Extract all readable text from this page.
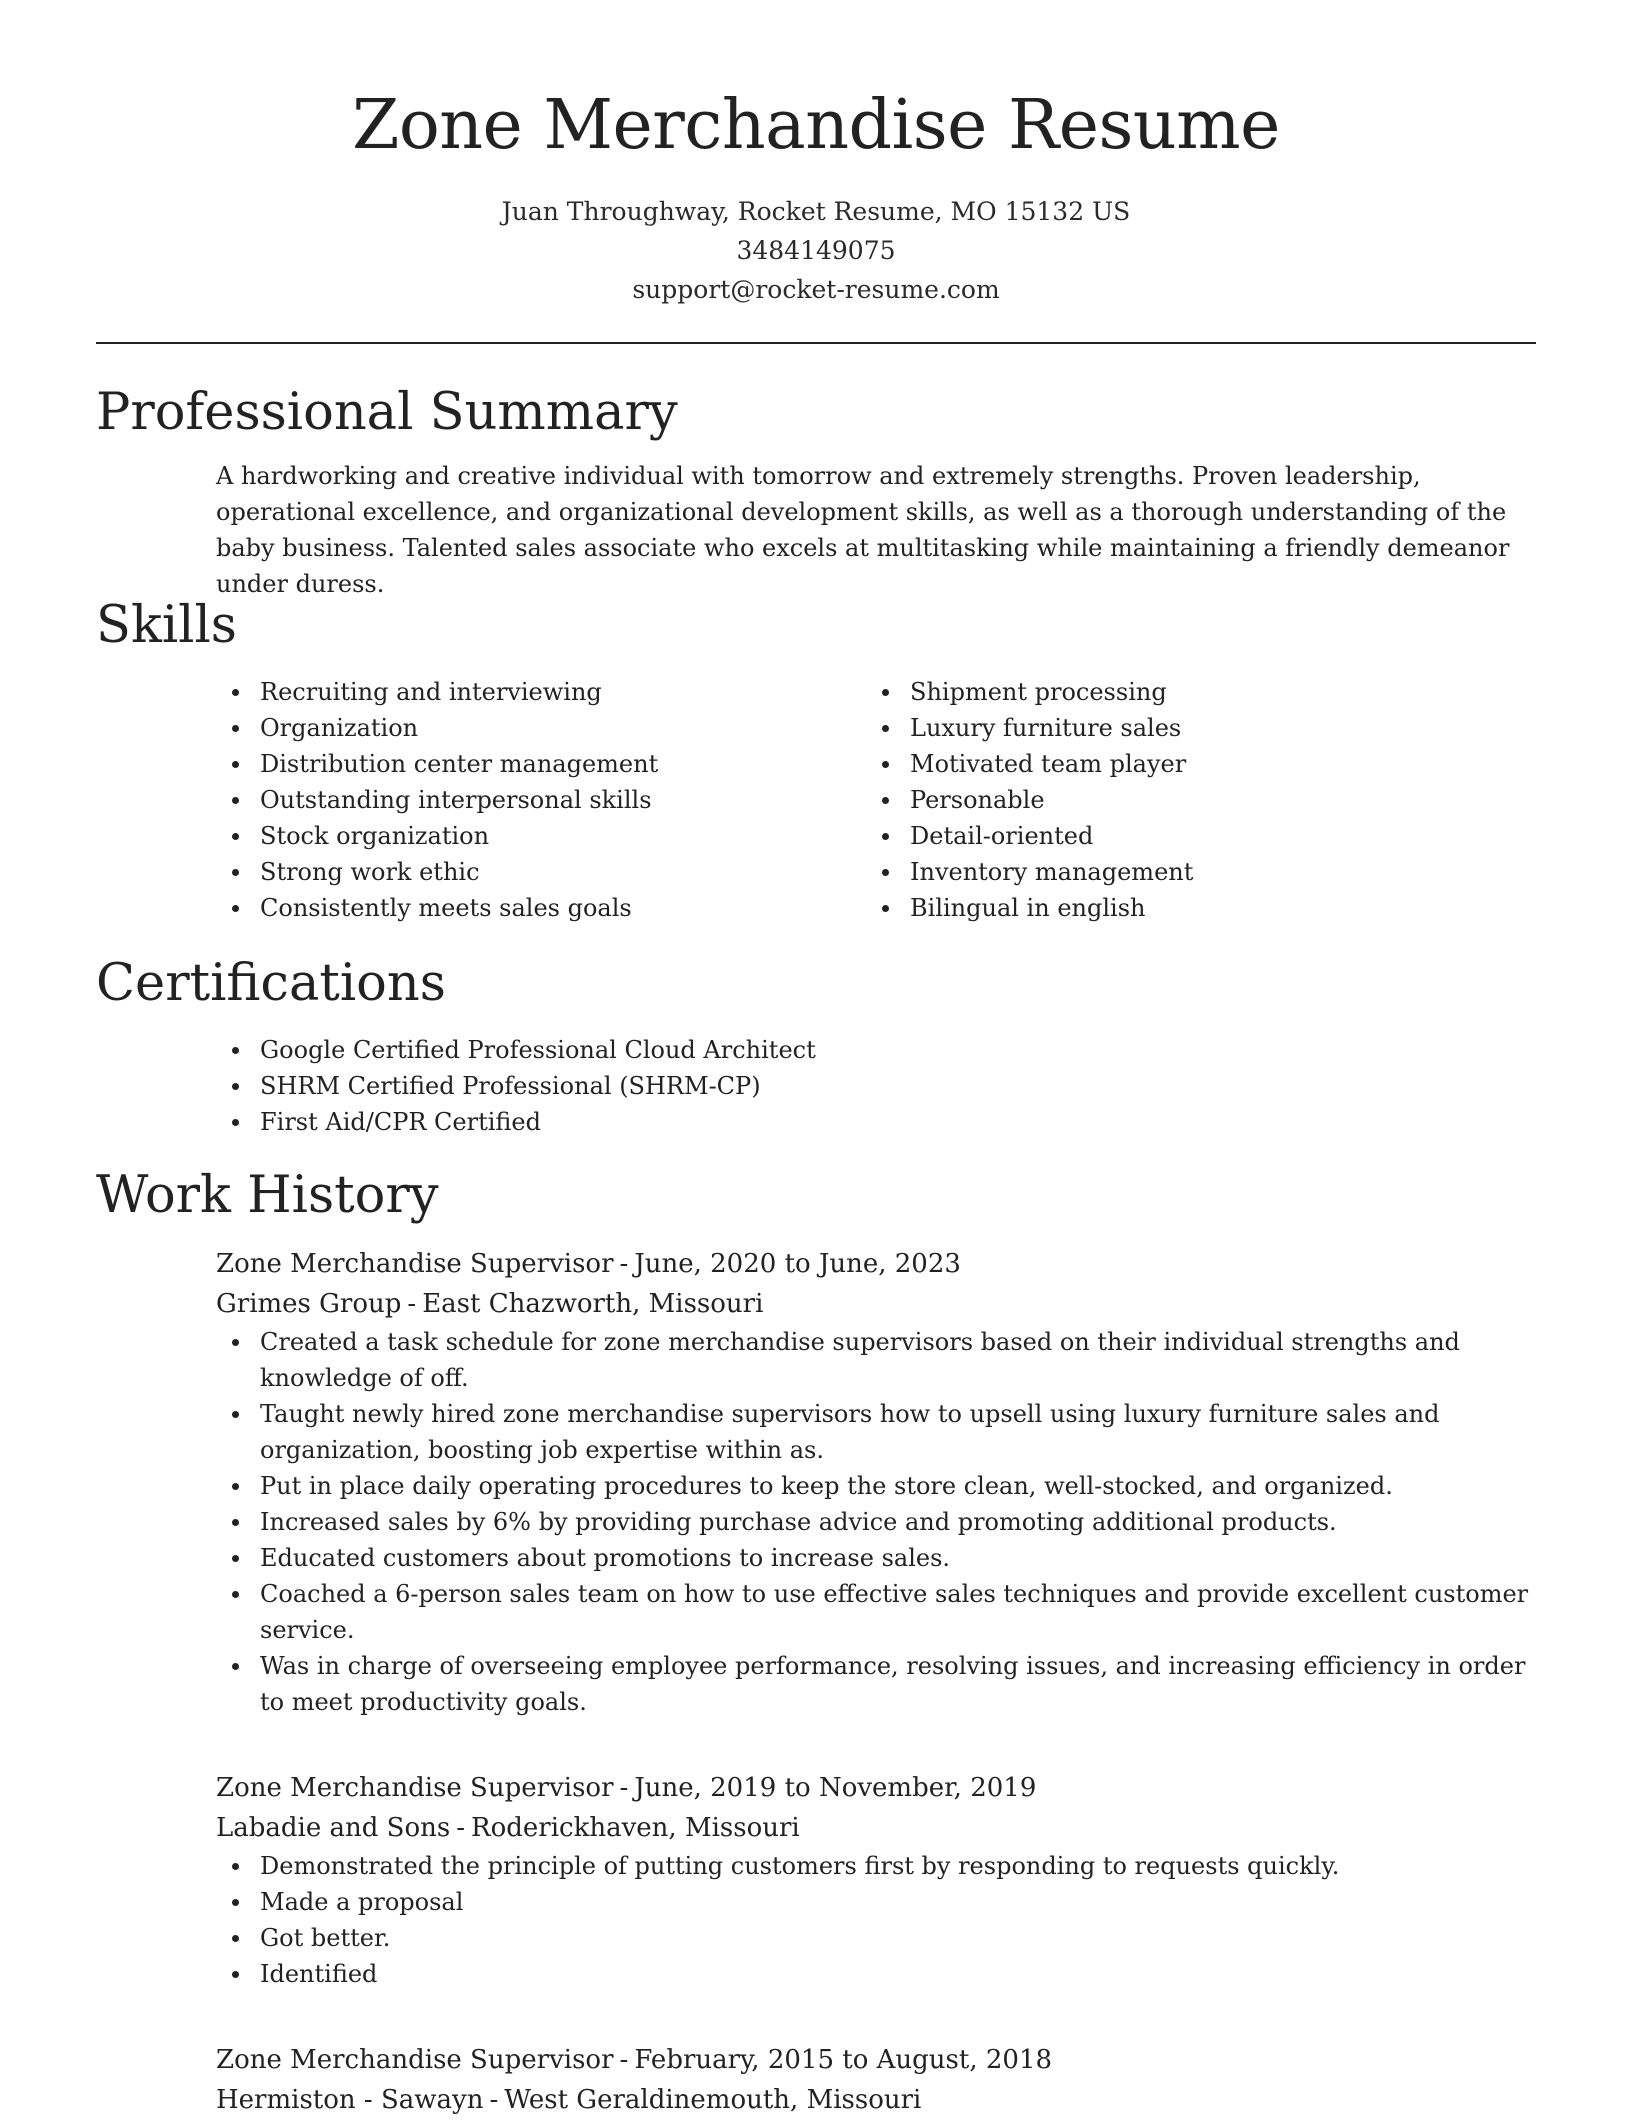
Zone Merchandise Resume
Juan Throughway, Rocket Resume, MO 15132 US
3484149075
support@rocket-resume.com
Professional Summary

A hardworking and creative individual with tomorrow and extremely strengths. Proven leadership, operational excellence, and organizational development skills, as well as a thorough understanding of the baby business. Talented sales associate who excels at multitasking while maintaining a friendly demeanor under duress.

Skills
Recruiting and interviewing
Organization
Distribution center management
Outstanding interpersonal skills
Stock organization
Strong work ethic
Consistently meets sales goals
Shipment processing
Luxury furniture sales
Motivated team player
Personable
Detail-oriented
Inventory management
Bilingual in english
Certifications
Google Certified Professional Cloud Architect
SHRM Certified Professional (SHRM-CP)
First Aid/CPR Certified
Work History
Zone Merchandise Supervisor - June, 2020 to June, 2023
Grimes Group - East Chazworth, Missouri
Created a task schedule for zone merchandise supervisors based on their individual strengths and knowledge of off.
Taught newly hired zone merchandise supervisors how to upsell using luxury furniture sales and organization, boosting job expertise within as.
Put in place daily operating procedures to keep the store clean, well-stocked, and organized.
Increased sales by 6% by providing purchase advice and promoting additional products.
Educated customers about promotions to increase sales.
Coached a 6-person sales team on how to use effective sales techniques and provide excellent customer service.
Was in charge of overseeing employee performance, resolving issues, and increasing efficiency in order to meet productivity goals.
Zone Merchandise Supervisor - June, 2019 to November, 2019
Labadie and Sons - Roderickhaven, Missouri
Demonstrated the principle of putting customers first by responding to requests quickly.
Made a proposal
Got better.
Identified
Zone Merchandise Supervisor - February, 2015 to August, 2018
Hermiston - Sawayn - West Geraldinemouth, Missouri
